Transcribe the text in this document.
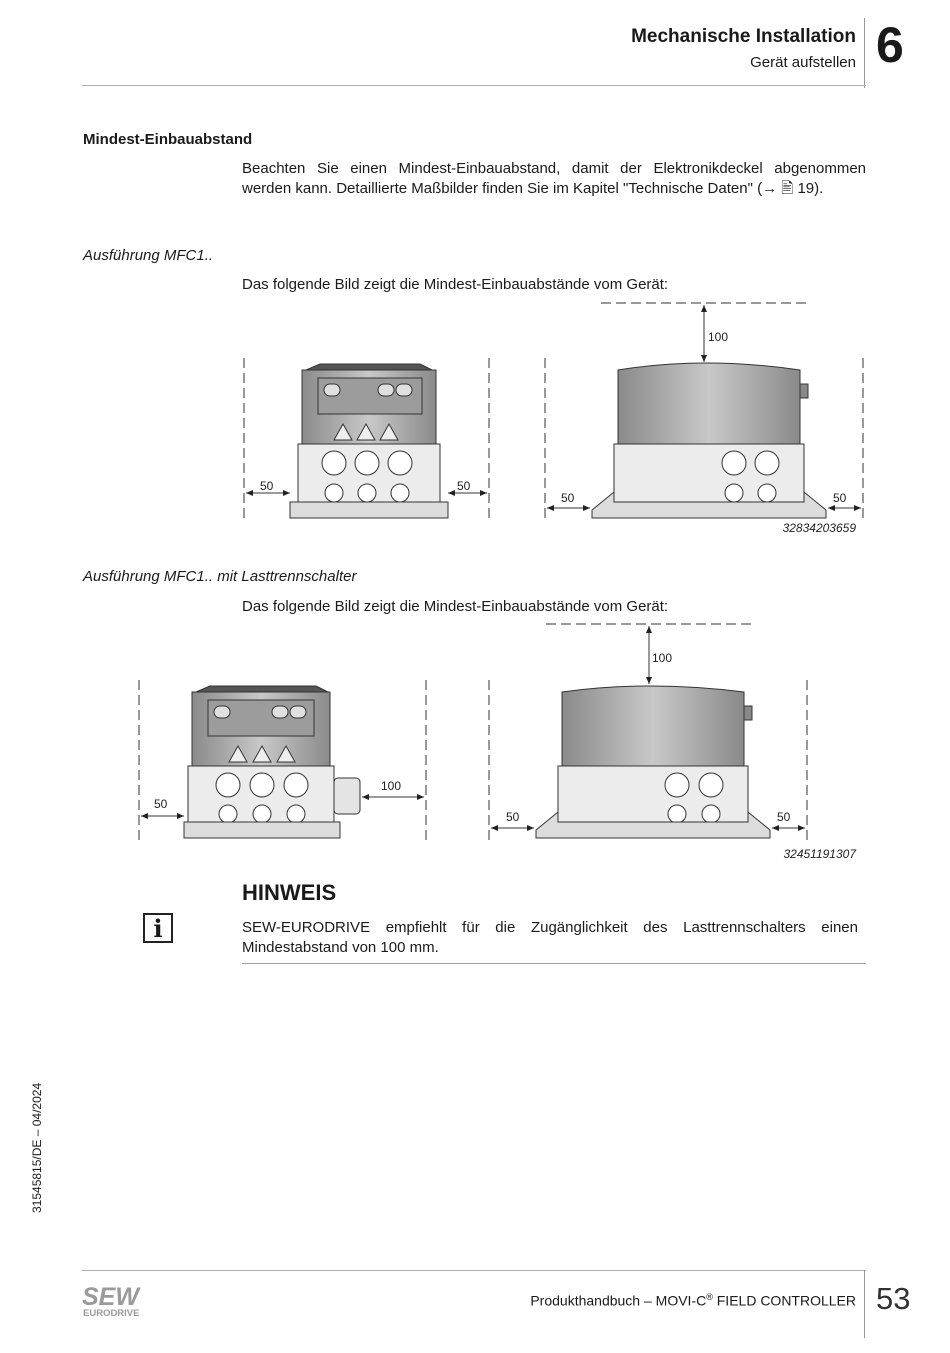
Mechanische Installation
Gerät aufstellen 6
Mindest-Einbauabstand
Beachten Sie einen Mindest-Einbauabstand, damit der Elektronikdeckel abgenommen werden kann. Detaillierte Maßbilder finden Sie im Kapitel "Technische Daten" (→ 🖹 19).
Ausführung MFC1..
Das folgende Bild zeigt die Mindest-Einbauabstände vom Gerät:
50	50
100
50	50
32834203659
Ausführung MFC1.. mit Lasttrennschalter
Das folgende Bild zeigt die Mindest-Einbauabstände vom Gerät:
50
100
100
50	50
32451191307
i
HINWEIS
SEW-EURODRIVE empfiehlt für die Zugänglichkeit des Lasttrennschalters einen Mindestabstand von 100 mm.
31545815/DE – 04/2024
SEW
EURODRIVE
Produkthandbuch – MOVI-C® FIELD CONTROLLER 53
